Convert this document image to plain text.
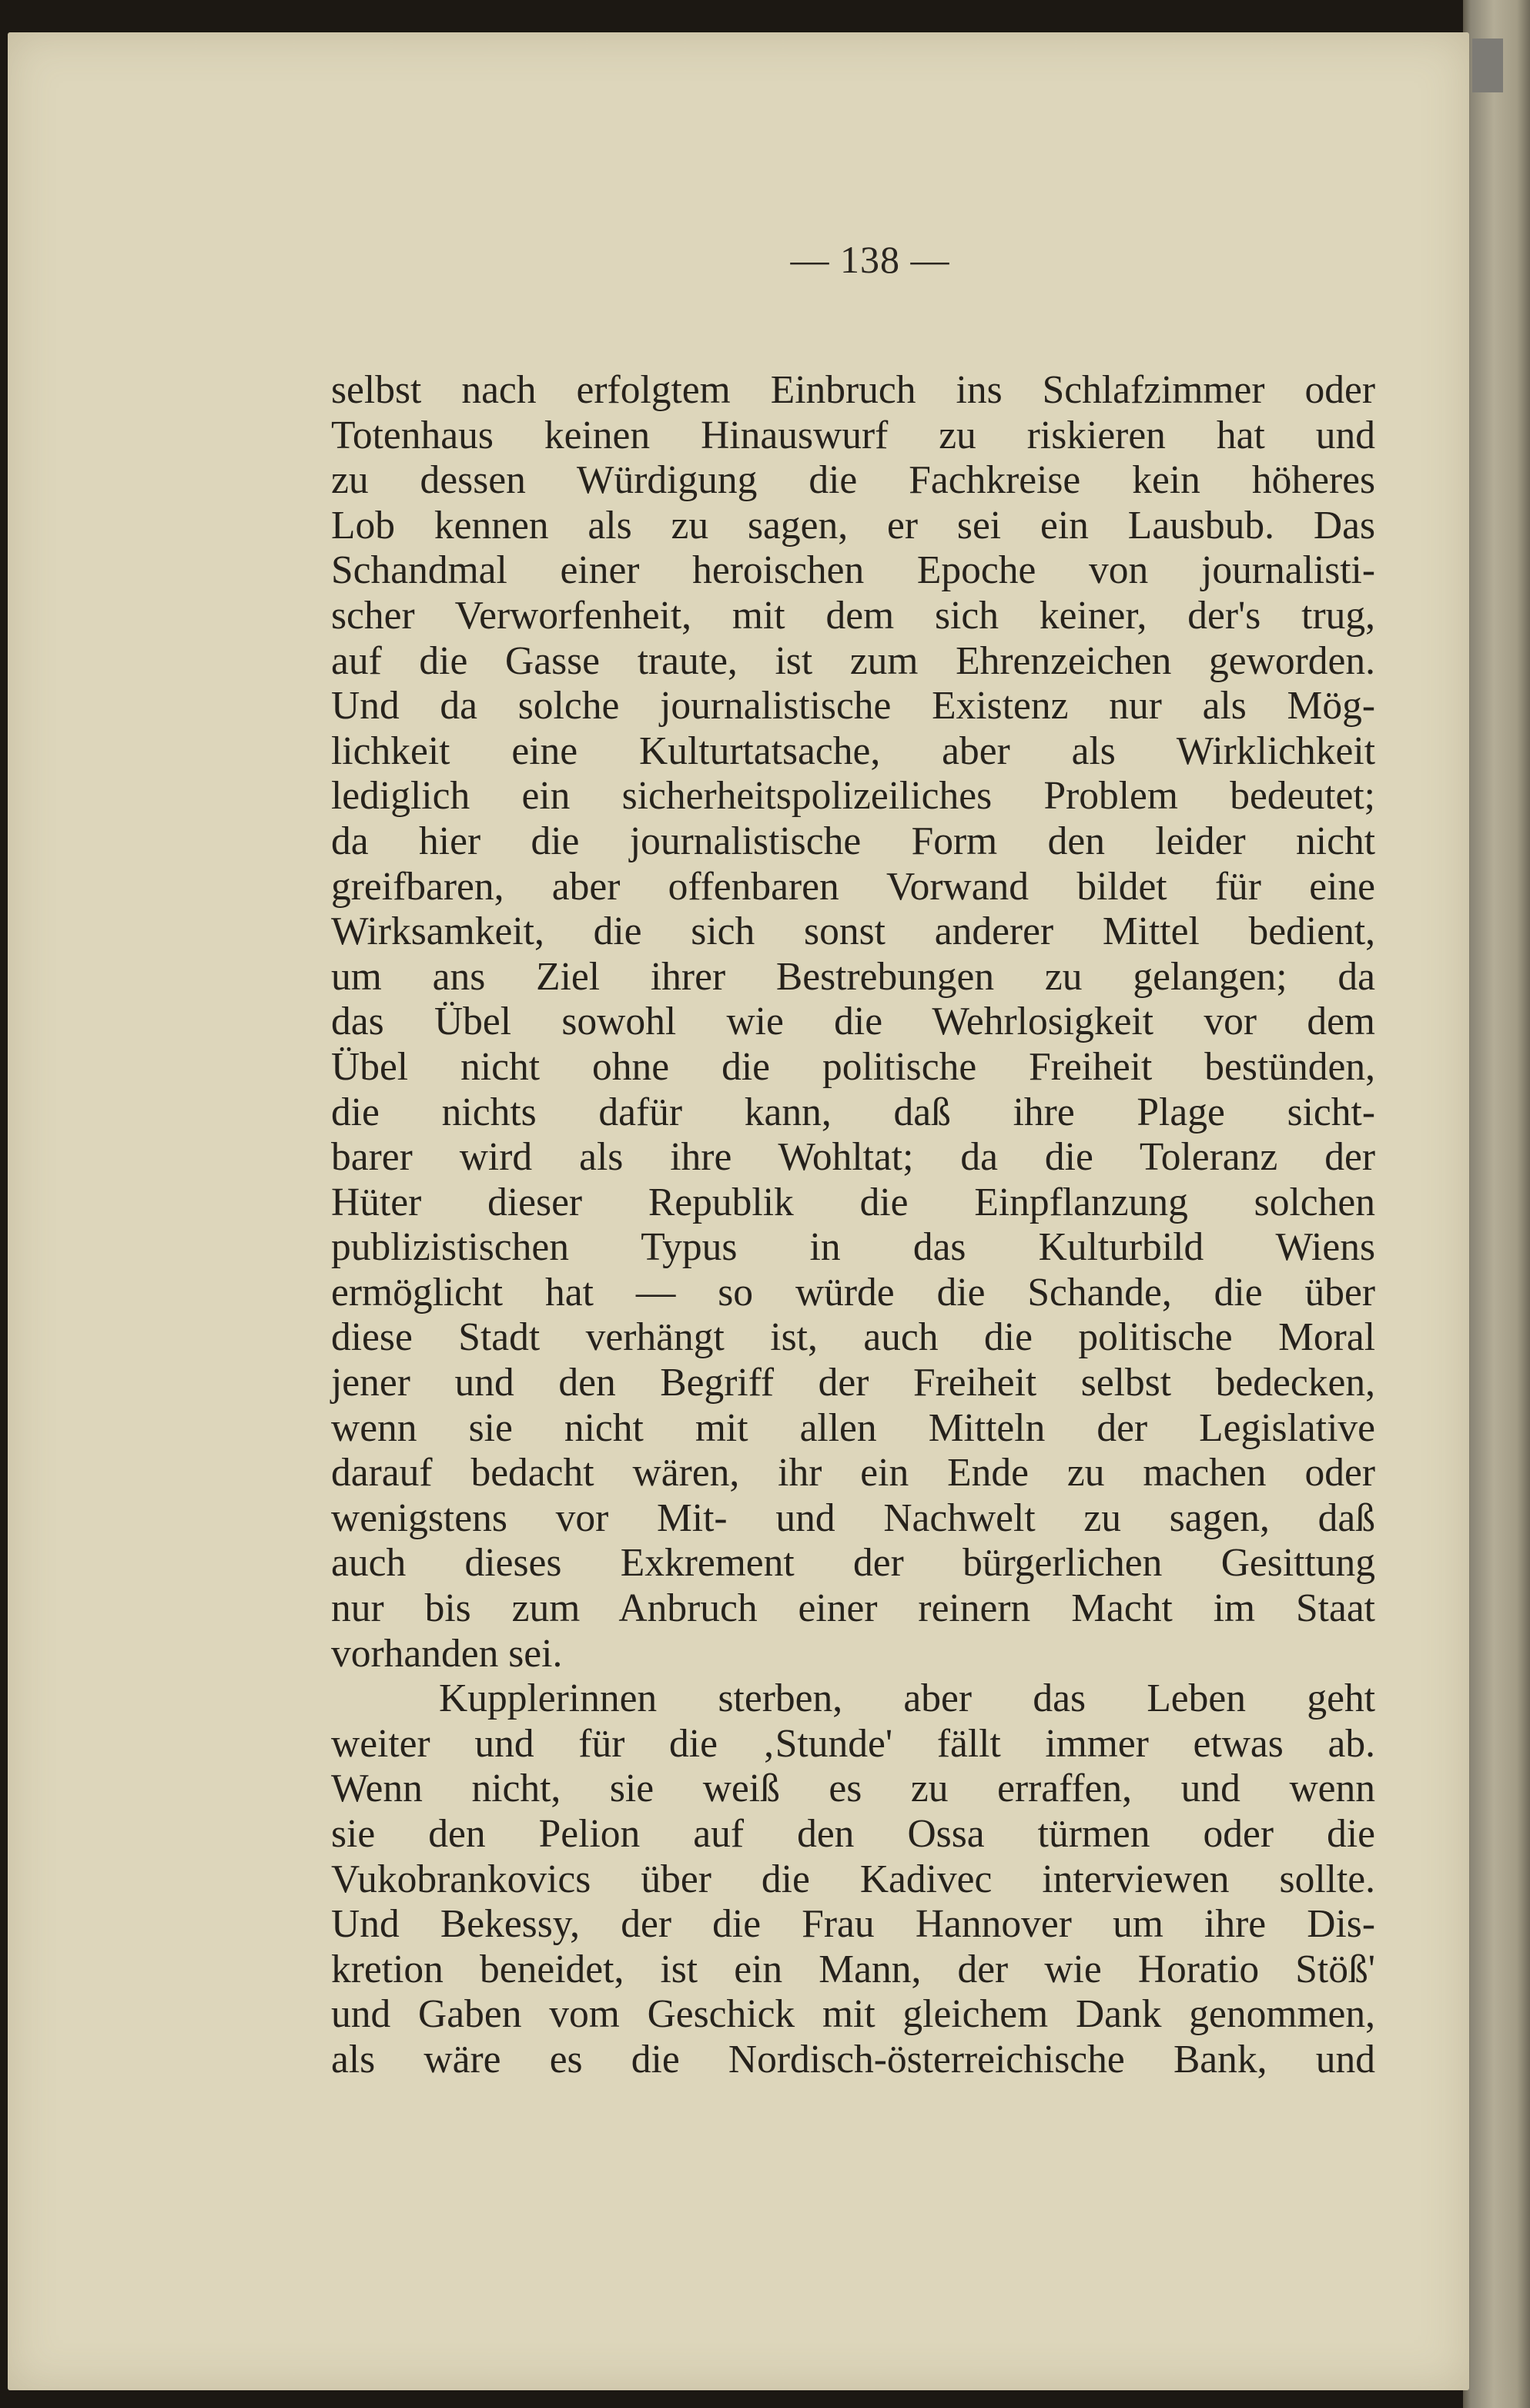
— 138 —
selbst nach erfolgtem Einbruch ins Schlafzimmer oder
Totenhaus keinen Hinauswurf zu riskieren hat und
zu dessen Würdigung die Fachkreise kein höheres
Lob kennen als zu sagen, er sei ein Lausbub. Das
Schandmal einer heroischen Epoche von journalisti-
scher Verworfenheit, mit dem sich keiner, der's trug,
auf die Gasse traute, ist zum Ehrenzeichen geworden.
Und da solche journalistische Existenz nur als Mög-
lichkeit eine Kulturtatsache, aber als Wirklichkeit
lediglich ein sicherheitspolizeiliches Problem bedeutet;
da hier die journalistische Form den leider nicht
greifbaren, aber offenbaren Vorwand bildet für eine
Wirksamkeit, die sich sonst anderer Mittel bedient,
um ans Ziel ihrer Bestrebungen zu gelangen; da
das Übel sowohl wie die Wehrlosigkeit vor dem
Übel nicht ohne die politische Freiheit bestünden,
die nichts dafür kann, daß ihre Plage sicht-
barer wird als ihre Wohltat; da die Toleranz der
Hüter dieser Republik die Einpflanzung solchen
publizistischen Typus in das Kulturbild Wiens
ermöglicht hat — so würde die Schande, die über
diese Stadt verhängt ist, auch die politische Moral
jener und den Begriff der Freiheit selbst bedecken,
wenn sie nicht mit allen Mitteln der Legislative
darauf bedacht wären, ihr ein Ende zu machen oder
wenigstens vor Mit- und Nachwelt zu sagen, daß
auch dieses Exkrement der bürgerlichen Gesittung
nur bis zum Anbruch einer reinern Macht im Staat
vorhanden sei.
Kupplerinnen sterben, aber das Leben geht
weiter und für die ‚Stunde' fällt immer etwas ab.
Wenn nicht, sie weiß es zu erraffen, und wenn
sie den Pelion auf den Ossa türmen oder die
Vukobrankovics über die Kadivec interviewen sollte.
Und Bekessy, der die Frau Hannover um ihre Dis-
kretion beneidet, ist ein Mann, der wie Horatio Stöß'
und Gaben vom Geschick mit gleichem Dank genommen,
als wäre es die Nordisch-österreichische Bank, und
